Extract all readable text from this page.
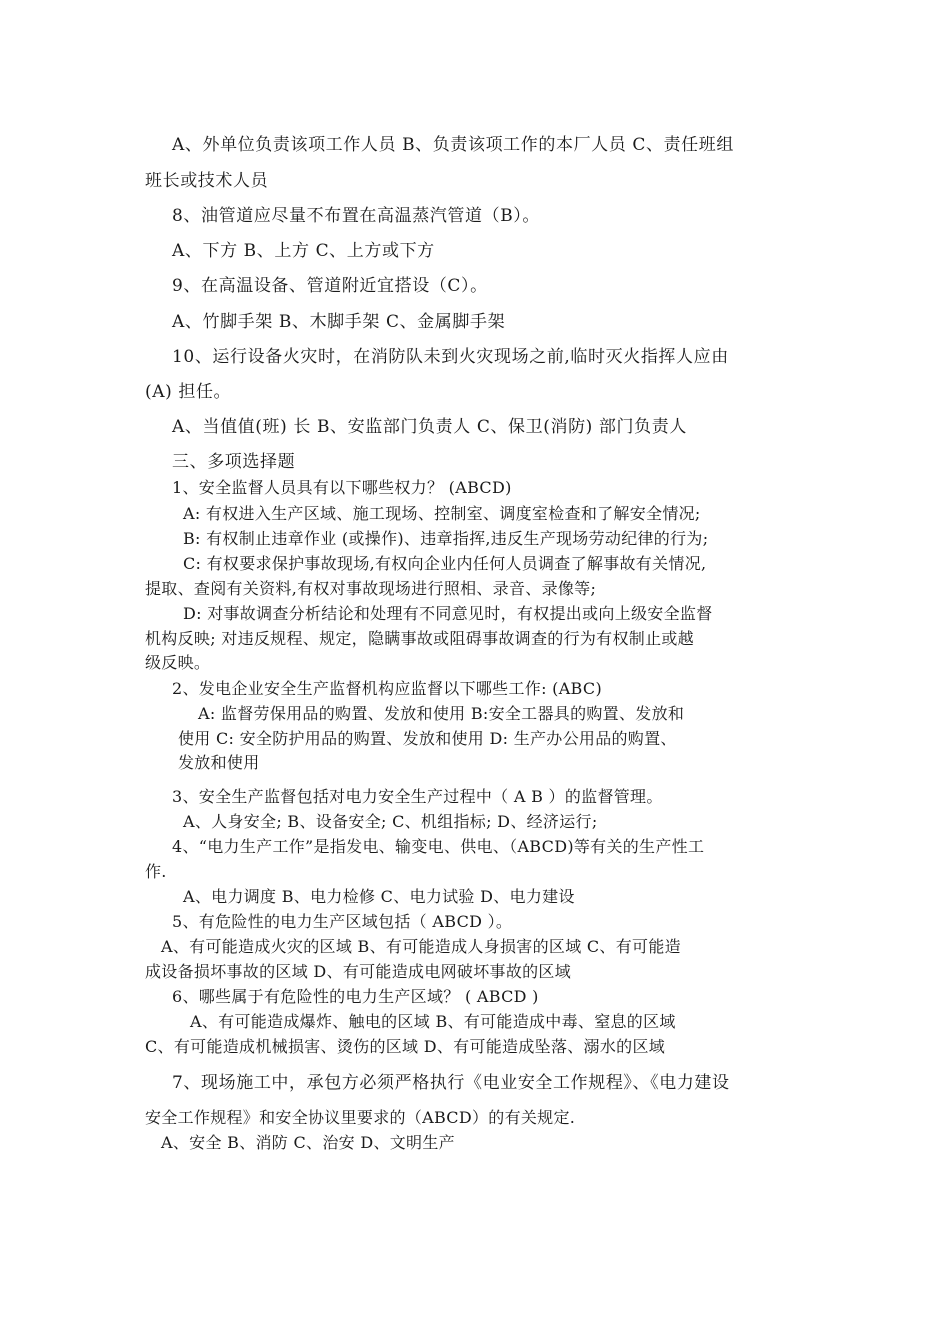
A、外单位负责该项工作人员 B、负责该项工作的本厂人员 C、责任班组
班长或技术人员
8、油管道应尽量不布置在高温蒸汽管道（B）。
A、下方 B、上方 C、上方或下方
9、在高温设备、管道附近宜搭设（C）。
A、竹脚手架 B、木脚手架 C、金属脚手架
10、运行设备火灾时，在消防队未到火灾现场之前,临时灭火指挥人应由
(A) 担任。
A、当值值(班) 长 B、安监部门负责人 C、保卫(消防) 部门负责人
三、多项选择题
1、安全监督人员具有以下哪些权力？ (ABCD)
A: 有权进入生产区域、施工现场、控制室、调度室检查和了解安全情况;
B: 有权制止违章作业 (或操作)、违章指挥,违反生产现场劳动纪律的行为;
C: 有权要求保护事故现场,有权向企业内任何人员调查了解事故有关情况,
提取、查阅有关资料,有权对事故现场进行照相、录音、录像等;
D: 对事故调查分析结论和处理有不同意见时，有权提出或向上级安全监督
机构反映; 对违反规程、规定，隐瞒事故或阻碍事故调查的行为有权制止或越
级反映。
2、发电企业安全生产监督机构应监督以下哪些工作: (ABC)
A: 监督劳保用品的购置、发放和使用 B:安全工器具的购置、发放和
使用 C: 安全防护用品的购置、发放和使用 D: 生产办公用品的购置、
发放和使用
3、安全生产监督包括对电力安全生产过程中（ A B ）的监督管理。
A、人身安全; B、设备安全; C、机组指标; D、经济运行;
4、“电力生产工作”是指发电、输变电、供电、（ABCD)等有关的生产性工
作.
A、电力调度 B、电力检修 C、电力试验 D、电力建设
5、有危险性的电力生产区域包括（ ABCD ）。
A、有可能造成火灾的区域 B、有可能造成人身损害的区域 C、有可能造
成设备损坏事故的区域 D、有可能造成电网破坏事故的区域
6、哪些属于有危险性的电力生产区域？ ( ABCD )
A、有可能造成爆炸、触电的区域 B、有可能造成中毒、窒息的区域
C、有可能造成机械损害、烫伤的区域 D、有可能造成坠落、溺水的区域
7、现场施工中，承包方必须严格执行《电业安全工作规程》、《电力建设
安全工作规程》和安全协议里要求的（ABCD）的有关规定.
A、安全 B、消防 C、治安 D、文明生产
